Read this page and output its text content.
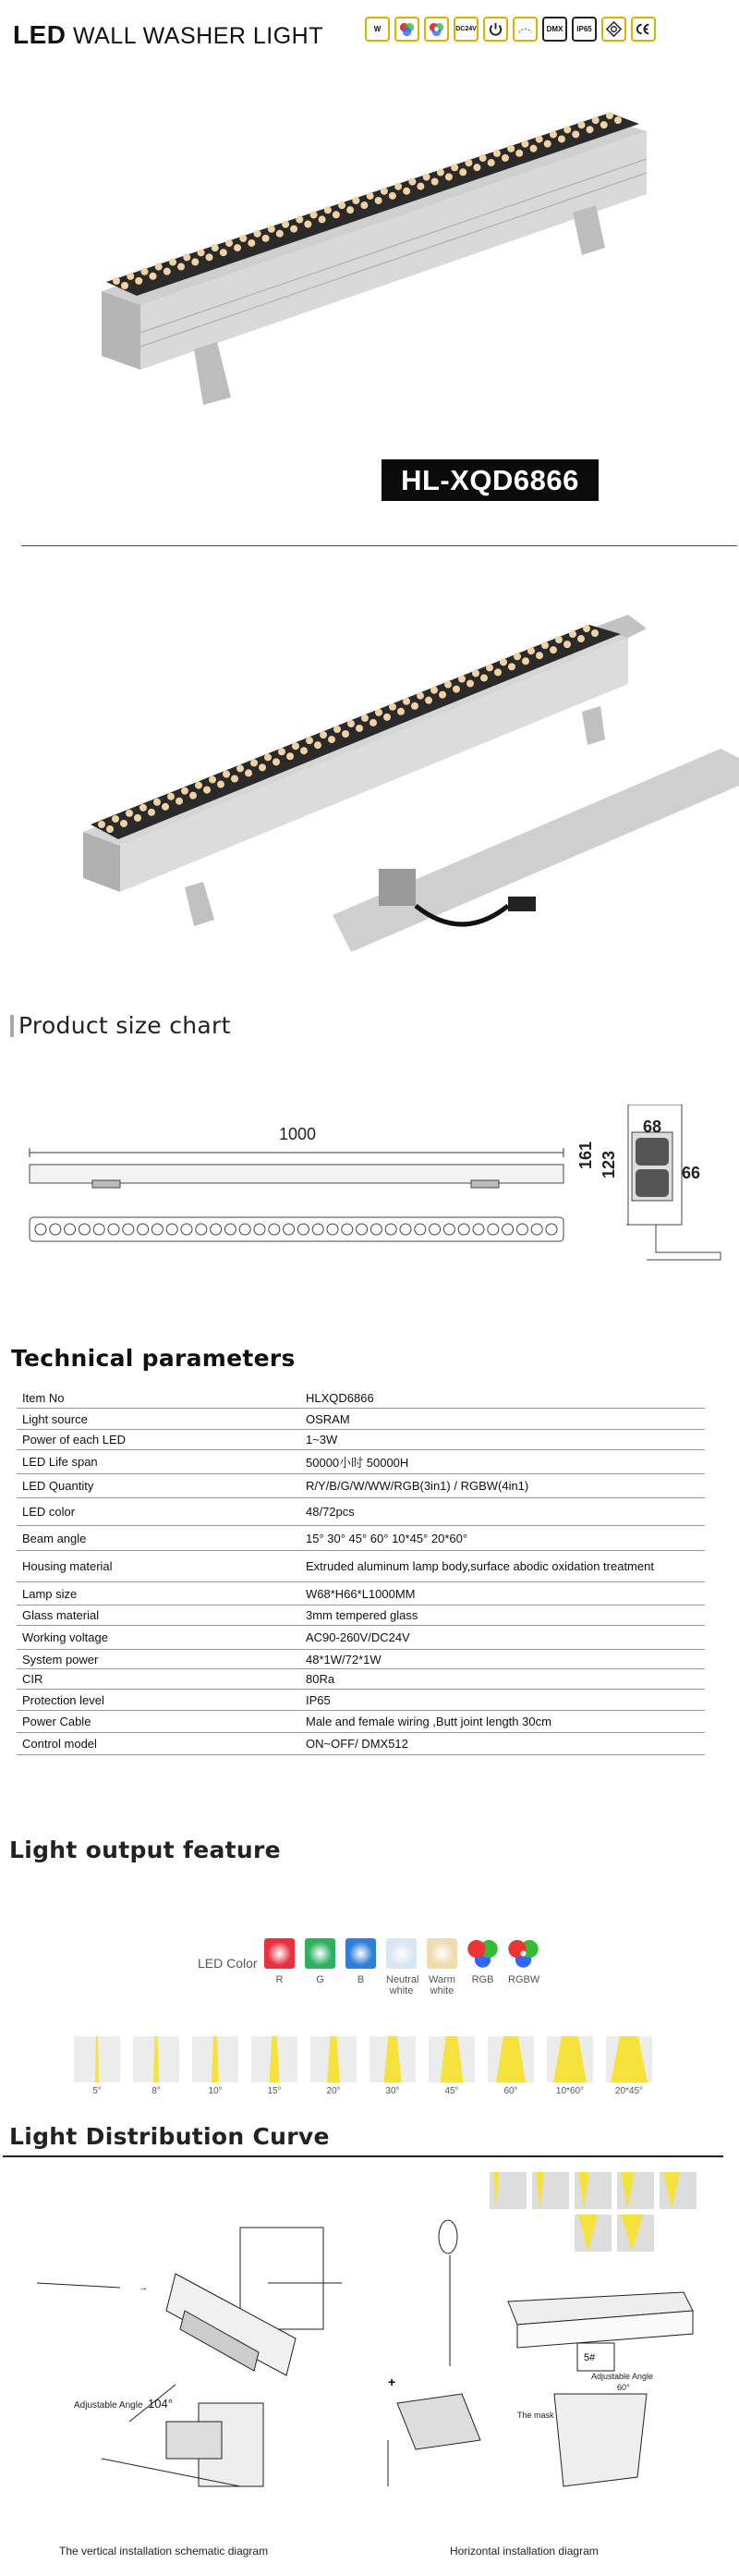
LED WALL WASHER LIGHT	W	DC24V	DMX IP65
HL-XQD6866
Product size chart
1000
161 123
68
66
Technical parameters
Item No	HLXQD6866
Light source	OSRAM
Power of each LED	1~3W
LED Life span	50000小时 50000H
LED Quantity	R/Y/B/G/W/WW/RGB(3in1) / RGBW(4in1)
LED color	48/72pcs
Beam angle	15° 30° 45° 60° 10*45° 20*60°
Housing material	Extruded aluminum lamp body,surface abodic oxidation treatment
Lamp size	W68*H66*L1000MM
Glass material	3mm tempered glass
Working voltage	AC90-260V/DC24V
System power	48*1W/72*1W
CIR	80Ra
Protection level	IP65
Power Cable	Male and female wiring ,Butt joint length 30cm
Control model	ON~OFF/ DMX512
Light output feature
LED Color
R	G	B	Neutral white
Warm white
RGB	RGBW
5°	8°	10°	15°	20°	30°	45°	60°	10*60°	20*45°
Light Distribution Curve
→
Adjustable Angle 104°
5#
Adjustable Angle
60°
The mask
+
The vertical installation schematic diagram	Horizontal installation diagram
